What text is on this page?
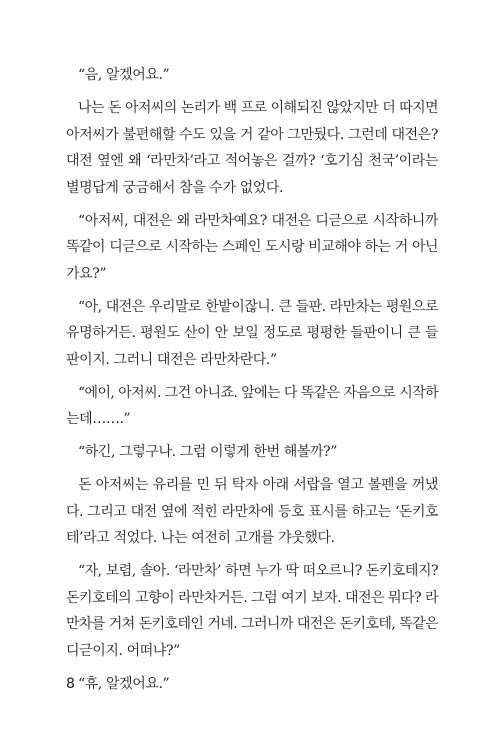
“음, 알겠어요.”

나는 돈 아저씨의 논리가 백 프로 이해되진 않았지만 더 따지면
아저씨가 불편해할 수도 있을 거 같아 그만뒀다. 그런데 대전은?
대전 옆엔 왜 ‘라만차’라고 적어놓은 걸까? ‘호기심 천국’이라는
별명답게 궁금해서 참을 수가 없었다.

“아저씨, 대전은 왜 라만차예요? 대전은 디귿으로 시작하니까
똑같이 디귿으로 시작하는 스페인 도시랑 비교해야 하는 거 아닌
가요?”

“아, 대전은 우리말로 한밭이잖니. 큰 들판. 라만차는 평원으로
유명하거든. 평원도 산이 안 보일 정도로 평평한 들판이니 큰 들
판이지. 그러니 대전은 라만차란다.”

“에이, 아저씨. 그건 아니죠. 앞에는 다 똑같은 자음으로 시작하
는데…….”

“하긴, 그렇구나. 그럼 이렇게 한번 해볼까?”

돈 아저씨는 유리를 민 뒤 탁자 아래 서랍을 열고 볼펜을 꺼냈
다. 그리고 대전 옆에 적힌 라만차에 등호 표시를 하고는 ‘돈키호
테’라고 적었다. 나는 여전히 고개를 갸웃했다.

“자, 보렴, 솔아. ‘라만차’ 하면 누가 딱 떠오르니? 돈키호테지?
돈키호테의 고향이 라만차거든. 그럼 여기 보자. 대전은 뭐다? 라
만차를 거쳐 돈키호테인 거네. 그러니까 대전은 돈키호테, 똑같은
디귿이지. 어떠냐?”

“휴, 알겠어요.”

8
